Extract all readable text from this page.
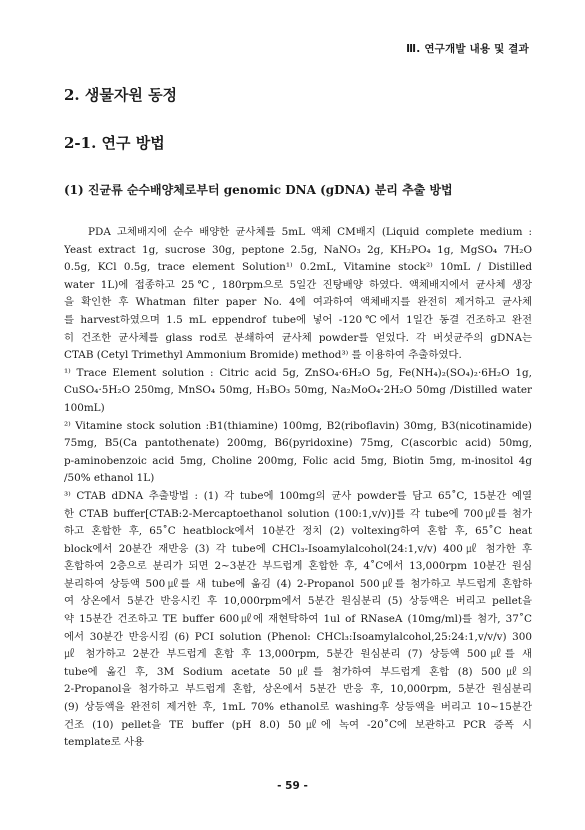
Ⅲ. 연구개발 내용 및 결과
2. 생물자원 동정
2-1. 연구 방법
(1) 진균류 순수배양체로부터 genomic DNA (gDNA) 분리 추출 방법
PDA 고체배지에 순수 배양한 균사체를 5mL 액체 CM배지 (Liquid complete medium :
Yeast extract 1g, sucrose 30g, peptone 2.5g, NaNO₃ 2g, KH₂PO₄ 1g, MgSO₄ 7H₂O
0.5g, KCl 0.5g, trace element Solution¹⁾ 0.2mL, Vitamine stock²⁾ 10mL / Distilled
water 1L)에 접종하고 25℃, 180rpm으로 5일간 진탕배양 하였다. 액체배지에서 균사체 생장
을 확인한 후 Whatman filter paper No. 4에 여과하여 액체배지를 완전히 제거하고 균사체
를 harvest하였으며 1.5 mL eppendrof tube에 넣어 -120℃에서 1일간 동결 건조하고 완전
히 건조한 균사체를 glass rod로 분쇄하여 균사체 powder를 얻었다. 각 버섯균주의 gDNA는
CTAB (Cetyl Trimethyl Ammonium Bromide) method³⁾ 를 이용하여 추출하였다.
¹⁾ Trace Element solution : Citric acid 5g, ZnSO₄·6H₂O 5g, Fe(NH₄)₂(SO₄)₂·6H₂O 1g,
CuSO₄·5H₂O 250mg, MnSO₄ 50mg, H₃BO₃ 50mg, Na₂MoO₄·2H₂O 50mg /Distilled water
100mL)
²⁾ Vitamine stock solution :B1(thiamine) 100mg, B2(riboflavin) 30mg, B3(nicotinamide)
75mg, B5(Ca pantothenate) 200mg, B6(pyridoxine) 75mg, C(ascorbic acid) 50mg,
p-aminobenzoic acid 5mg, Choline 200mg, Folic acid 5mg, Biotin 5mg, m-inositol 4g
/50% ethanol 1L)
³⁾ CTAB dDNA 추출방법 : (1) 각 tube에 100mg의 균사 powder를 담고 65˚C, 15분간 예열
한 CTAB buffer[CTAB:2-Mercaptoethanol solution (100:1,v/v)]를 각 tube에 700㎕를 첨가
하고 혼합한 후, 65˚C heatblock에서 10분간 정치 (2) voltexing하여 혼합 후, 65˚C heat
block에서 20분간 재반응 (3) 각 tube에 CHCl₃-Isoamylalcohol(24:1,v/v) 400㎕ 첨가한 후
혼합하여 2층으로 분리가 되면 2~3분간 부드럽게 혼합한 후, 4˚C에서 13,000rpm 10분간 원심
분리하여 상등액 500㎕를 새 tube에 옮김 (4) 2-Propanol 500㎕를 첨가하고 부드럽게 혼합하
여 상온에서 5분간 반응시킨 후 10,000rpm에서 5분간 원심분리 (5) 상등액은 버리고 pellet을
약 15분간 건조하고 TE buffer 600㎕에 재현탁하여 1ul of RNaseA (10mg/ml)를 첨가, 37˚C
에서 30분간 반응시킴 (6) PCI solution (Phenol: CHCl₃:Isoamylalcohol,25:24:1,v/v/v) 300
㎕ 첨가하고 2분간 부드럽게 혼합 후 13,000rpm, 5분간 원심분리 (7) 상등액 500㎕를 새
tube에 옮긴 후, 3M Sodium acetate 50㎕를 첨가하여 부드럽게 혼합 (8) 500㎕의
2-Propanol을 첨가하고 부드럽게 혼합, 상온에서 5분간 반응 후, 10,000rpm, 5분간 원심분리
(9) 상등액을 완전히 제거한 후, 1mL 70% ethanol로 washing후 상등액을 버리고 10~15분간
건조 (10) pellet을 TE buffer (pH 8.0) 50㎕에 녹여 -20˚C에 보관하고 PCR 증폭 시
template로 사용
- 59 -
